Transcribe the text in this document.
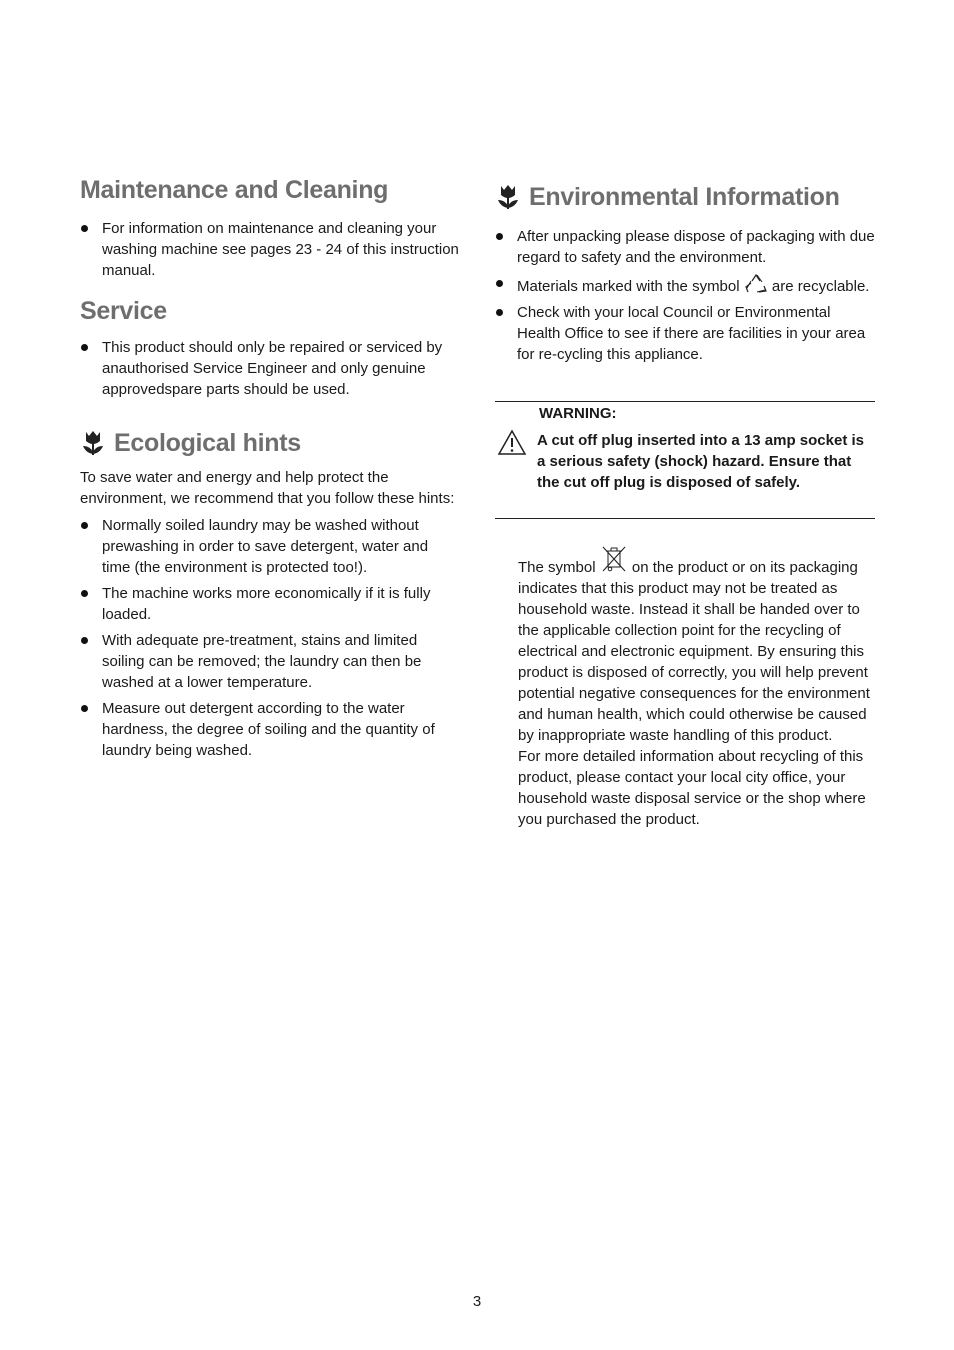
Maintenance and Cleaning
For information on maintenance and cleaning your washing machine see pages 23 - 24 of this instruction manual.
Service
This product should only be repaired or serviced by anauthorised Service Engineer and only genuine approvedspare parts should be used.
Ecological hints

To save water and energy and help protect the environment, we recommend that you follow these hints:

Normally soiled laundry may be washed without prewashing in order to save detergent, water and time (the environment is protected too!).
The machine works more economically if it is fully loaded.
With adequate pre-treatment, stains and limited soiling can be removed; the laundry can then be washed at a lower temperature.
Measure out detergent according to the water hardness, the degree of soiling and the quantity of laundry being washed.
Environmental Information
After unpacking please dispose of packaging with due regard to safety and the environment.
Materials marked with the symbol are recyclable.
Check with your local Council or Environmental Health Office to see if there are facilities in your area for re-cycling this appliance.
WARNING:
A cut off plug inserted into a 13 amp socket is a serious safety (shock) hazard. Ensure that the cut off plug is disposed of safely.

The symbol on the product or on its packaging indicates that this product may not be treated as household waste. Instead it shall be handed over to the applicable collection point for the recycling of electrical and electronic equipment. By ensuring this product is disposed of correctly, you will help prevent potential negative consequences for the environment and human health, which could otherwise be caused by inappropriate waste handling of this product.

For more detailed information about recycling of this product, please contact your local city office, your household waste disposal service or the shop where you purchased the product.

3
